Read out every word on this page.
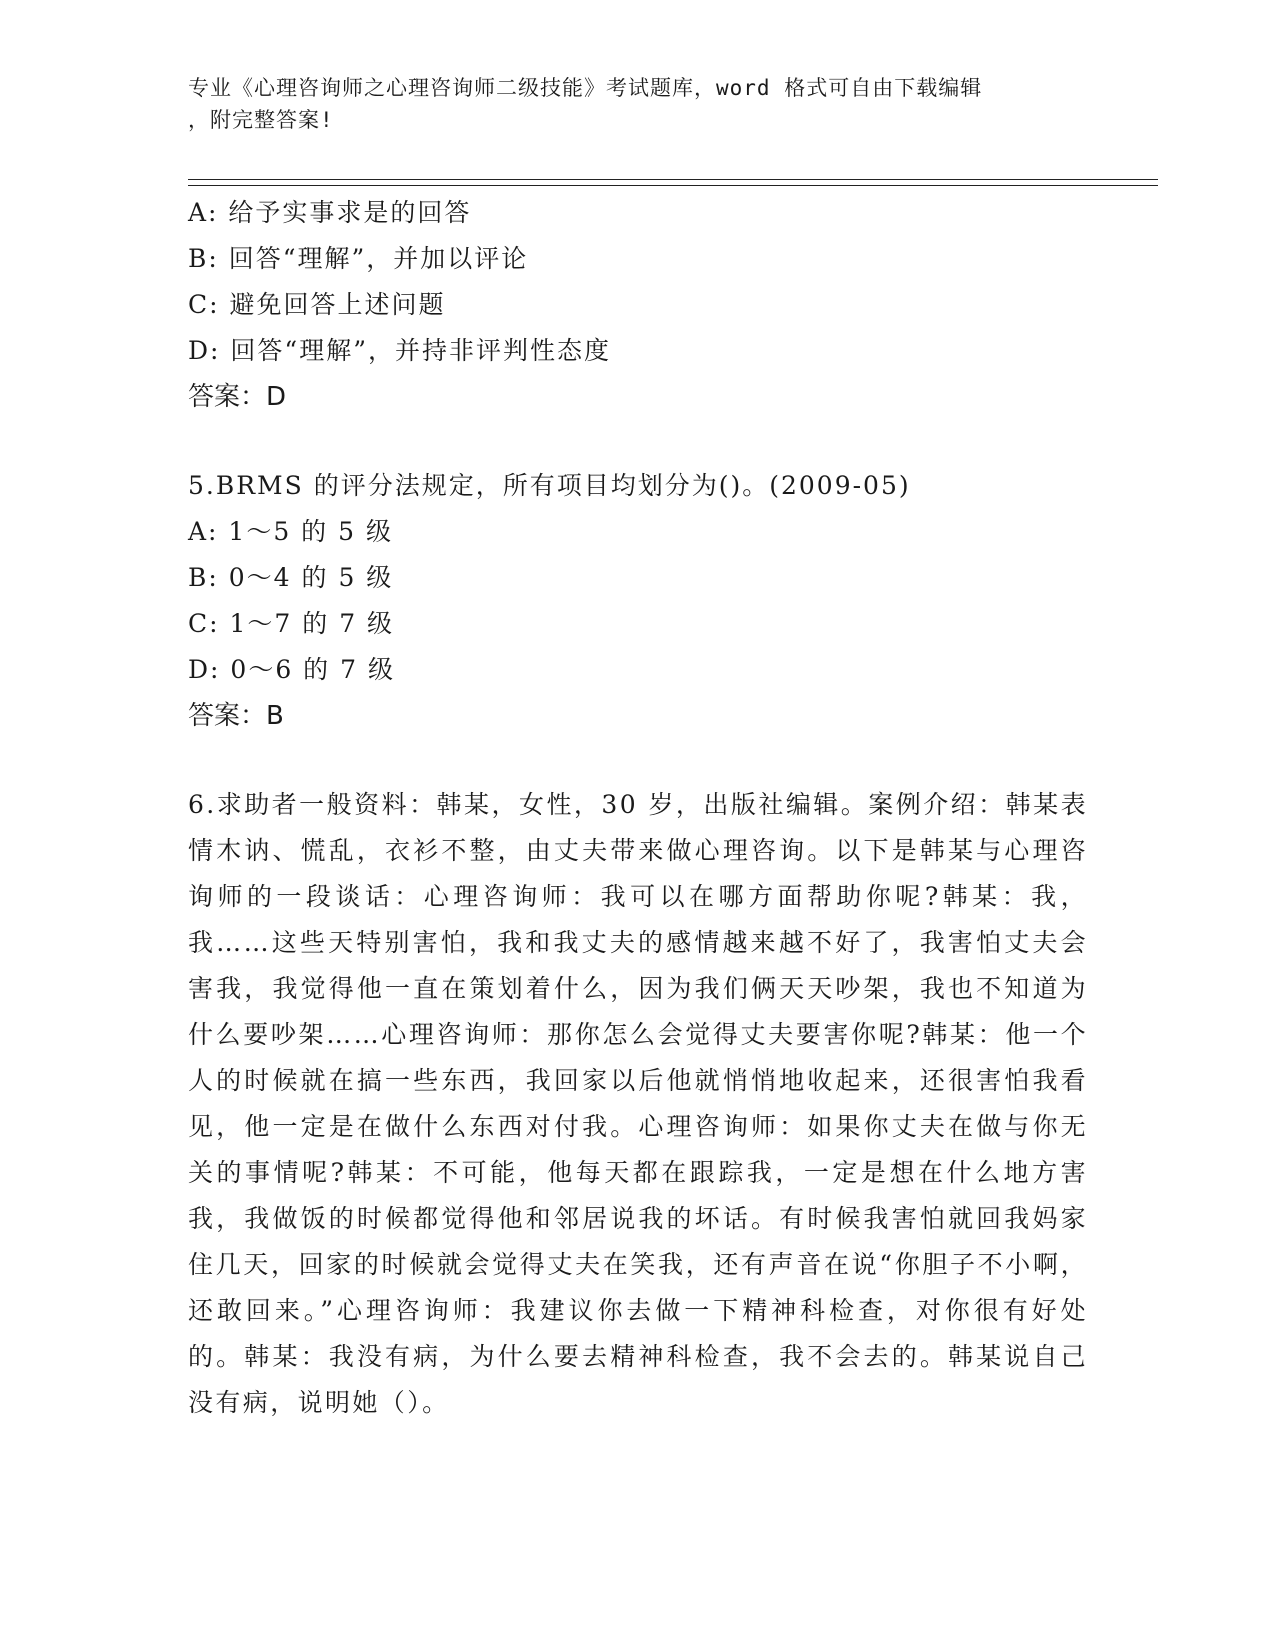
专业《心理咨询师之心理咨询师二级技能》考试题库，word 格式可自由下载编辑
，附完整答案!
A: 给予实事求是的回答
B: 回答“理解”，并加以评论
C: 避免回答上述问题
D: 回答“理解”，并持非评判性态度
答案：D
5.BRMS 的评分法规定，所有项目均划分为()。(2009-05)
A: 1～5 的 5 级
B: 0～4 的 5 级
C: 1～7 的 7 级
D: 0～6 的 7 级
答案：B
6.求助者一般资料：韩某，女性，30 岁，出版社编辑。案例介绍：韩某表情木讷、慌乱，衣衫不整，由丈夫带来做心理咨询。以下是韩某与心理咨询师的一段谈话：心理咨询师：我可以在哪方面帮助你呢?韩某：我，我……这些天特别害怕，我和我丈夫的感情越来越不好了，我害怕丈夫会害我，我觉得他一直在策划着什么，因为我们俩天天吵架，我也不知道为什么要吵架……心理咨询师：那你怎么会觉得丈夫要害你呢?韩某：他一个人的时候就在搞一些东西，我回家以后他就悄悄地收起来，还很害怕我看见，他一定是在做什么东西对付我。心理咨询师：如果你丈夫在做与你无关的事情呢?韩某：不可能，他每天都在跟踪我，一定是想在什么地方害我，我做饭的时候都觉得他和邻居说我的坏话。有时候我害怕就回我妈家住几天，回家的时候就会觉得丈夫在笑我，还有声音在说“你胆子不小啊，还敢回来。”心理咨询师：我建议你去做一下精神科检查，对你很有好处的。韩某：我没有病，为什么要去精神科检查，我不会去的。韩某说自己没有病，说明她（）。
